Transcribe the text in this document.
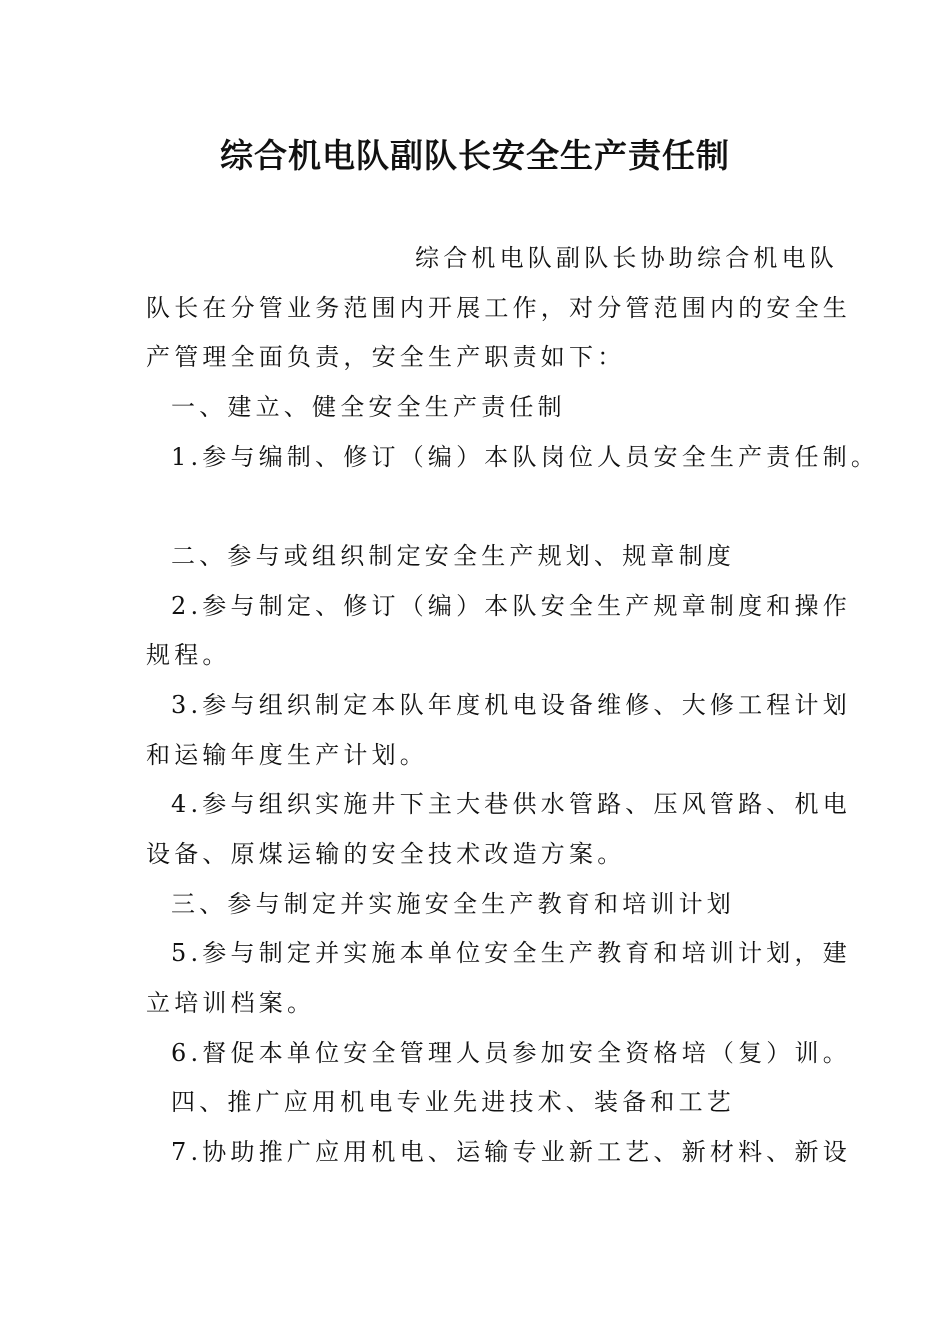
综合机电队副队长安全生产责任制
综合机电队副队长协助综合机电队
队长在分管业务范围内开展工作，对分管范围内的安全生
产管理全面负责，安全生产职责如下：
一、建立、健全安全生产责任制
1.参与编制、修订（编）本队岗位人员安全生产责任制。
二、参与或组织制定安全生产规划、规章制度
2.参与制定、修订（编）本队安全生产规章制度和操作
规程。
3.参与组织制定本队年度机电设备维修、大修工程计划
和运输年度生产计划。
4.参与组织实施井下主大巷供水管路、压风管路、机电
设备、原煤运输的安全技术改造方案。
三、参与制定并实施安全生产教育和培训计划
5.参与制定并实施本单位安全生产教育和培训计划，建
立培训档案。
6.督促本单位安全管理人员参加安全资格培（复）训。
四、推广应用机电专业先进技术、装备和工艺
7.协助推广应用机电、运输专业新工艺、新材料、新设
